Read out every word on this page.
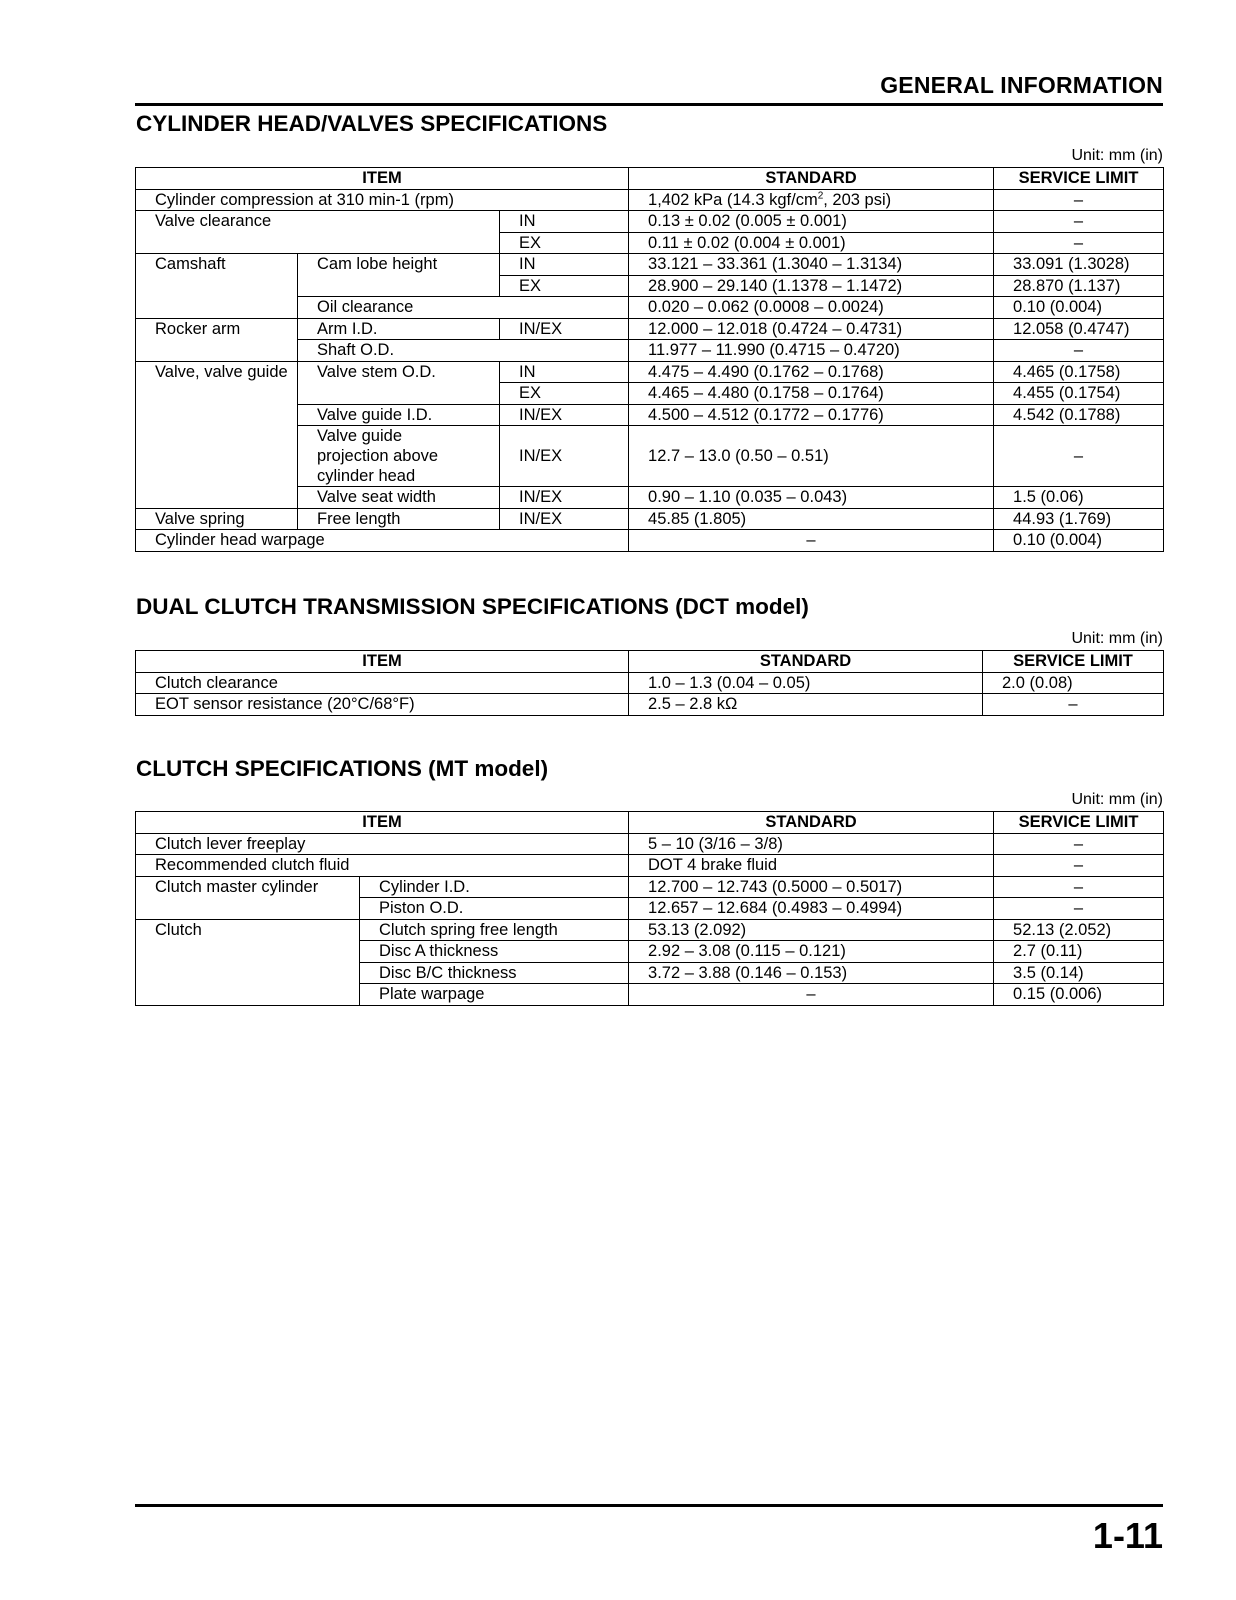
GENERAL INFORMATION
CYLINDER HEAD/VALVES SPECIFICATIONS
Unit: mm (in)
ITEM			STANDARD	SERVICE LIMIT
Cylinder compression at 310 min-1 (rpm)			1,402 kPa (14.3 kgf/$cm^2$, 203 psi)	–
Valve clearance		IN	0.13 ± 0.02 (0.005 ± 0.001)	–
		EX	0.11 ± 0.02 (0.004 ± 0.001)	–
Camshaft	Cam lobe height	IN	33.121 – 33.361 (1.3040 – 1.3134)	33.091 (1.3028)
		EX	28.900 – 29.140 (1.1378 – 1.1472)	28.870 (1.137)
	Oil clearance		0.020 – 0.062 (0.0008 – 0.0024)	0.10 (0.004)
Rocker arm	Arm I.D.	IN/EX	12.000 – 12.018 (0.4724 – 0.4731)	12.058 (0.4747)
	Shaft O.D.		11.977 – 11.990 (0.4715 – 0.4720)	–
Valve, valve guide	Valve stem O.D.	IN	4.475 – 4.490 (0.1762 – 0.1768)	4.465 (0.1758)
		EX	4.465 – 4.480 (0.1758 – 0.1764)	4.455 (0.1754)
	Valve guide I.D.	IN/EX	4.500 – 4.512 (0.1772 – 0.1776)	4.542 (0.1788)
	Valve guide projection above cylinder head	IN/EX	12.7 – 13.0 (0.50 – 0.51)	–
	Valve seat width	IN/EX	0.90 – 1.10 (0.035 – 0.043)	1.5 (0.06)
Valve spring	Free length	IN/EX	45.85 (1.805)	44.93 (1.769)
Cylinder head warpage			–	0.10 (0.004)
DUAL CLUTCH TRANSMISSION SPECIFICATIONS (DCT model)
Unit: mm (in)
ITEM	STANDARD	SERVICE LIMIT
Clutch clearance	1.0 – 1.3 (0.04 – 0.05)	2.0 (0.08)
EOT sensor resistance (20°C/68°F)	2.5 – 2.8 kΩ	–
CLUTCH SPECIFICATIONS (MT model)
Unit: mm (in)
ITEM		STANDARD	SERVICE LIMIT
Clutch lever freeplay		5 – 10 (3/16 – 3/8)	–
Recommended clutch fluid		DOT 4 brake fluid	–
Clutch master cylinder	Cylinder I.D.	12.700 – 12.743 (0.5000 – 0.5017)	–
	Piston O.D.	12.657 – 12.684 (0.4983 – 0.4994)	–
Clutch	Clutch spring free length	53.13 (2.092)	52.13 (2.052)
	Disc A thickness	2.92 – 3.08 (0.115 – 0.121)	2.7 (0.11)
	Disc B/C thickness	3.72 – 3.88 (0.146 – 0.153)	3.5 (0.14)
	Plate warpage	–	0.15 (0.006)
1-11
